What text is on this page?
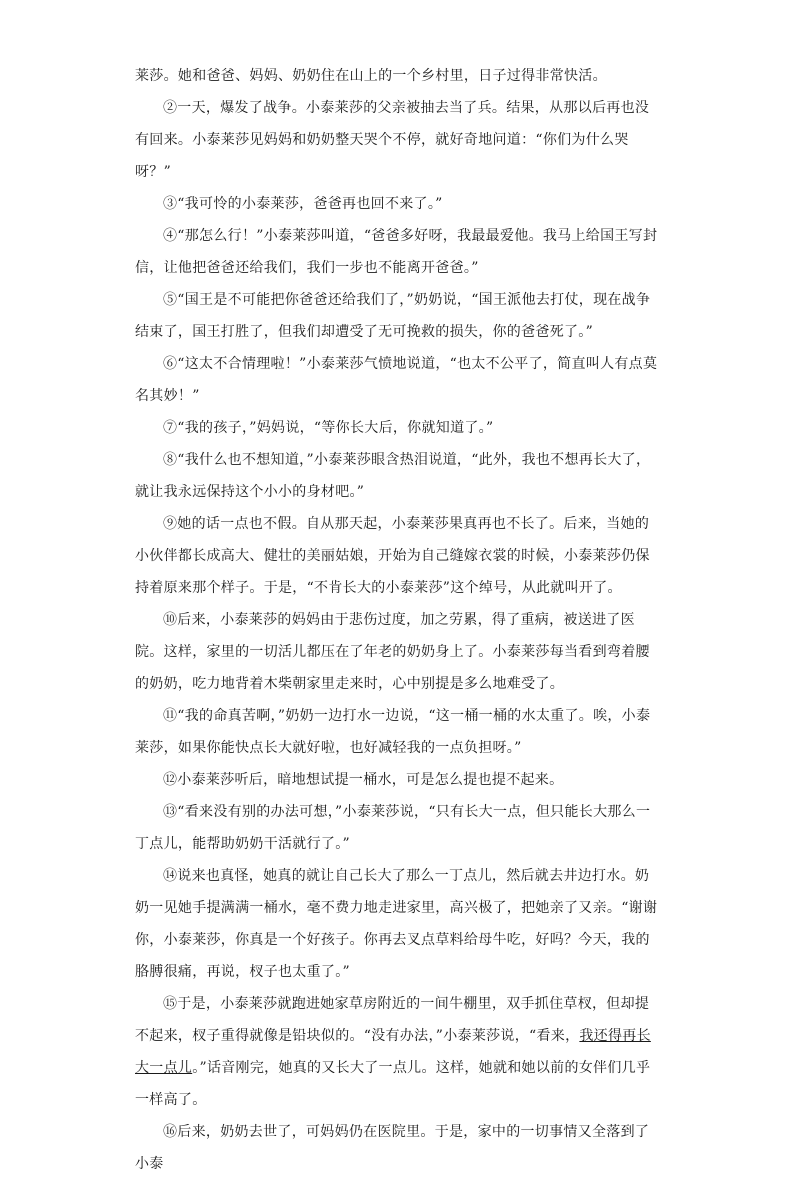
莱莎。她和爸爸、妈妈、奶奶住在山上的一个乡村里，日子过得非常快活。

②一天，爆发了战争。小泰莱莎的父亲被抽去当了兵。结果，从那以后再也没有回来。小泰莱莎见妈妈和奶奶整天哭个不停，就好奇地问道：“你们为什么哭呀？”

③“我可怜的小泰莱莎，爸爸再也回不来了。”

④“那怎么行！”小泰莱莎叫道，“爸爸多好呀，我最最爱他。我马上给国王写封信，让他把爸爸还给我们，我们一步也不能离开爸爸。”

⑤“国王是不可能把你爸爸还给我们了，”奶奶说，“国王派他去打仗，现在战争结束了，国王打胜了，但我们却遭受了无可挽救的损失，你的爸爸死了。”

⑥“这太不合情理啦！”小泰莱莎气愤地说道，“也太不公平了，简直叫人有点莫名其妙！”

⑦“我的孩子，”妈妈说，“等你长大后，你就知道了。”

⑧“我什么也不想知道，”小泰莱莎眼含热泪说道，“此外，我也不想再长大了，就让我永远保持这个小小的身材吧。”

⑨她的话一点也不假。自从那天起，小泰莱莎果真再也不长了。后来，当她的小伙伴都长成高大、健壮的美丽姑娘，开始为自己缝嫁衣裳的时候，小泰莱莎仍保持着原来那个样子。于是，“不肯长大的小泰莱莎”这个绰号，从此就叫开了。

⑩后来，小泰莱莎的妈妈由于悲伤过度，加之劳累，得了重病，被送进了医院。这样，家里的一切活儿都压在了年老的奶奶身上了。小泰莱莎每当看到弯着腰的奶奶，吃力地背着木柴朝家里走来时，心中别提是多么地难受了。

⑪“我的命真苦啊，”奶奶一边打水一边说，“这一桶一桶的水太重了。唉，小泰莱莎，如果你能快点长大就好啦，也好减轻我的一点负担呀。”

⑫小泰莱莎听后，暗地想试提一桶水，可是怎么提也提不起来。

⑬“看来没有别的办法可想，”小泰莱莎说，“只有长大一点，但只能长大那么一丁点儿，能帮助奶奶干活就行了。”

⑭说来也真怪，她真的就让自己长大了那么一丁点儿，然后就去井边打水。奶奶一见她手提满满一桶水，毫不费力地走进家里，高兴极了，把她亲了又亲。“谢谢你，小泰莱莎，你真是一个好孩子。你再去叉点草料给母牛吃，好吗？今天，我的胳膊很痛，再说，杈子也太重了。”

⑮于是，小泰莱莎就跑进她家草房附近的一间牛棚里，双手抓住草杈，但却提不起来，杈子重得就像是铅块似的。“没有办法，”小泰莱莎说，“看来，我还得再长大一点儿。”话音刚完，她真的又长大了一点儿。这样，她就和她以前的女伴们几乎一样高了。

⑯后来，奶奶去世了，可妈妈仍在医院里。于是，家中的一切事情又全落到了小泰
